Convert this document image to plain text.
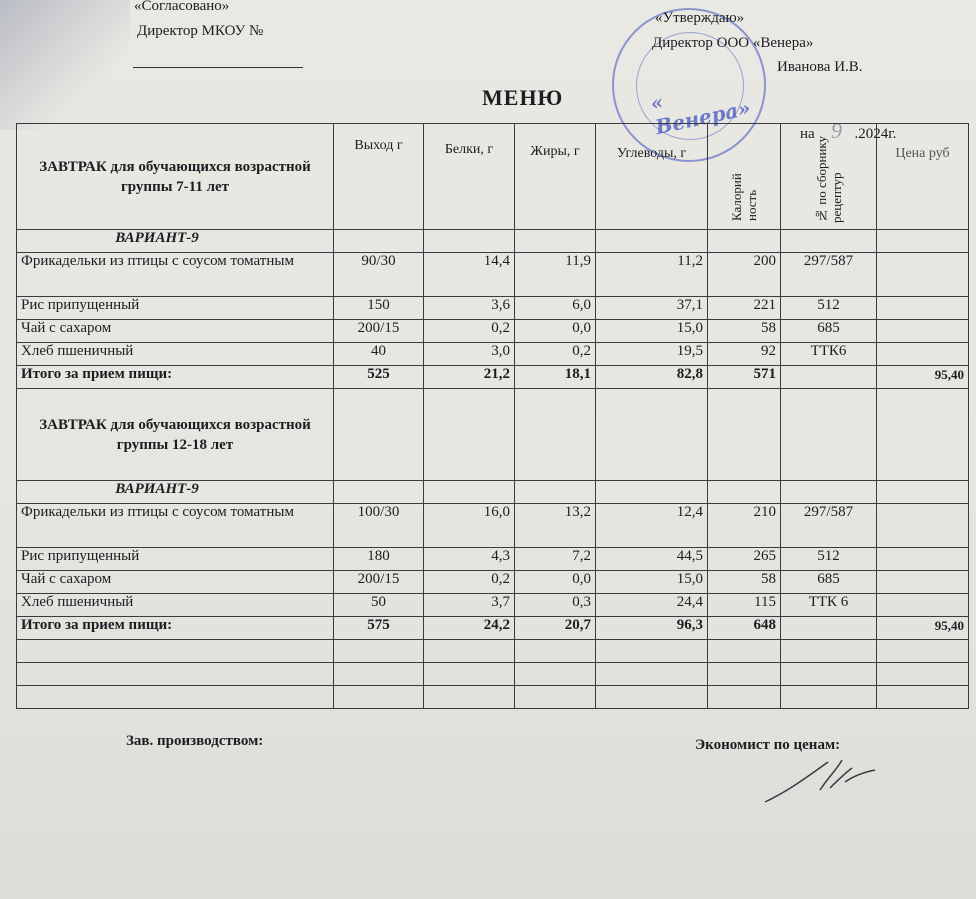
«Согласовано»
Директор МКОУ №
« Венера»
«Утверждаю»
Директор ООО «Венера»
Иванова И.В.
МЕНЮ
на 9 .2024г.
ЗАВТРАК для обучающихся возрастной группы 7-11 лет	Выход г	Белки, г	Жиры, г	Углеводы, г	Калорий ность	№ по сборнику рецептур	Цена руб
ВАРИАНТ-9							
Фрикадельки из птицы с соусом томатным	90/30	14,4	11,9	11,2	200	297/587	
Рис припущенный	150	3,6	6,0	37,1	221	512	
Чай с сахаром	200/15	0,2	0,0	15,0	58	685	
Хлеб пшеничный	40	3,0	0,2	19,5	92	ТТК6	
Итого за прием пищи:	525	21,2	18,1	82,8	571		95,40
ЗАВТРАК для обучающихся возрастной группы 12-18 лет							
ВАРИАНТ-9							
Фрикадельки из птицы с соусом томатным	100/30	16,0	13,2	12,4	210	297/587	
Рис припущенный	180	4,3	7,2	44,5	265	512	
Чай с сахаром	200/15	0,2	0,0	15,0	58	685	
Хлеб пшеничный	50	3,7	0,3	24,4	115	ТТК 6	
Итого за прием пищи:	575	24,2	20,7	96,3	648		95,40

Зав. производством:	Экономист по ценам:
